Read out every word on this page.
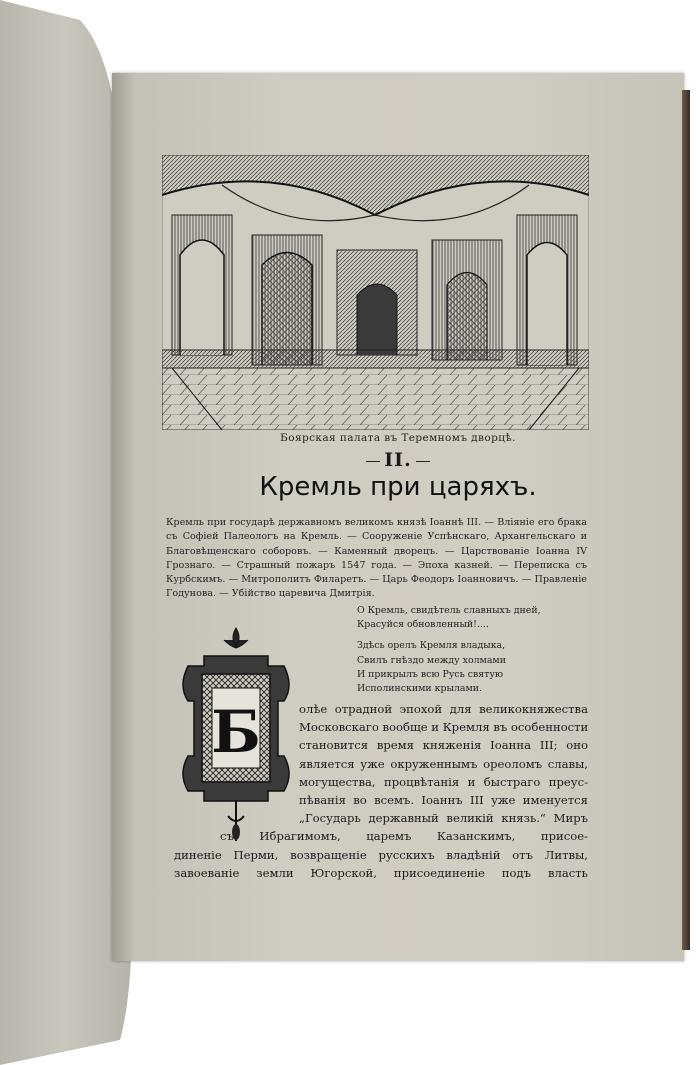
Боярская палата въ Теремномъ дворцѣ.
II.
Кремль при царяхъ.
Кремль при государѣ державномъ великомъ князѣ Іоаннѣ III. — Вліяніе его брака съ Софіей Палеологъ на Кремль. — Сооруженіе Успѣнскаго, Архангельскаго и Благовѣщенскаго соборовъ. — Каменный дворецъ. — Царствованіе Іоанна IV Грознаго. — Страшный пожаръ 1547 года. — Эпоха казней. — Переписка съ Курбскимъ. — Митрополитъ Филаретъ. — Царь Феодоръ Іоанновичъ. — Правленіе Годунова. — Убійство царевича Дмитрія.
О Кремль, свидѣтель славныхъ дней,
Красуйся обновленный!....
Здѣсь орелъ Кремля владыка,
Свилъ гнѣздо между холмами
И прикрылъ всю Русь святую
Исполинскими крылами.
Б	олѣе отрадной эпохой для великокняжества
Московскаго вообще и Кремля въ особенности
становится время княженія Іоанна III; оно
является уже окруженнымъ ореоломъ славы,
могущества, процвѣтанія и быстраго преус-
пѣванія во всемъ. Іоаннъ III уже именуется
„Государь державный великій князь.“ Миръ
съ Ибрагимомъ, царемъ Казанскимъ, присое-
диненіе Перми, возвращеніе русскихъ владѣній отъ Литвы,
завоеваніе земли Югорской, присоединеніе подъ власть
